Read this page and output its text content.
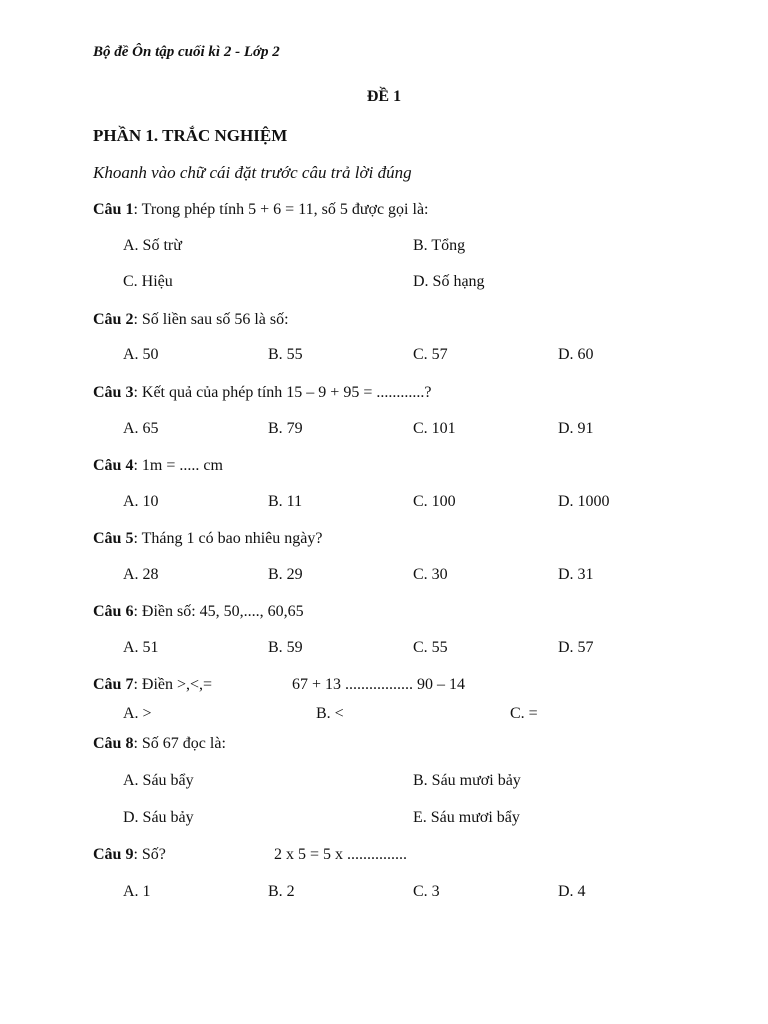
Bộ đề Ôn tập cuối kì 2 - Lớp 2
ĐỀ 1
PHẦN 1. TRẮC NGHIỆM
Khoanh vào chữ cái đặt trước câu trả lời đúng
Câu 1: Trong phép tính 5 + 6 = 11, số 5 được gọi là:
A. Số trừ	B. Tổng
C. Hiệu	D. Số hạng
Câu 2: Số liền sau số 56 là số:
A. 50	B. 55	C. 57	D. 60
Câu 3: Kết quả của phép tính 15 – 9 + 95 = ............?
A. 65	B. 79	C. 101	D. 91
Câu 4: 1m = ..... cm
A. 10	B. 11	C. 100	D. 1000
Câu 5: Tháng 1 có bao nhiêu ngày?
A. 28	B. 29	C. 30	D. 31
Câu 6: Điền số: 45, 50,...., 60,65
A. 51	B. 59	C. 55	D. 57
Câu 7: Điền >,<,=	67 + 13 ................. 90 – 14
A. >	B. <	C. =
Câu 8: Số 67 đọc là:
A. Sáu bẩy	B. Sáu mươi bảy
D. Sáu bảy	E. Sáu mươi bẩy
Câu 9: Số?	2 x 5 = 5 x ...............
A. 1	B. 2	C. 3	D. 4
